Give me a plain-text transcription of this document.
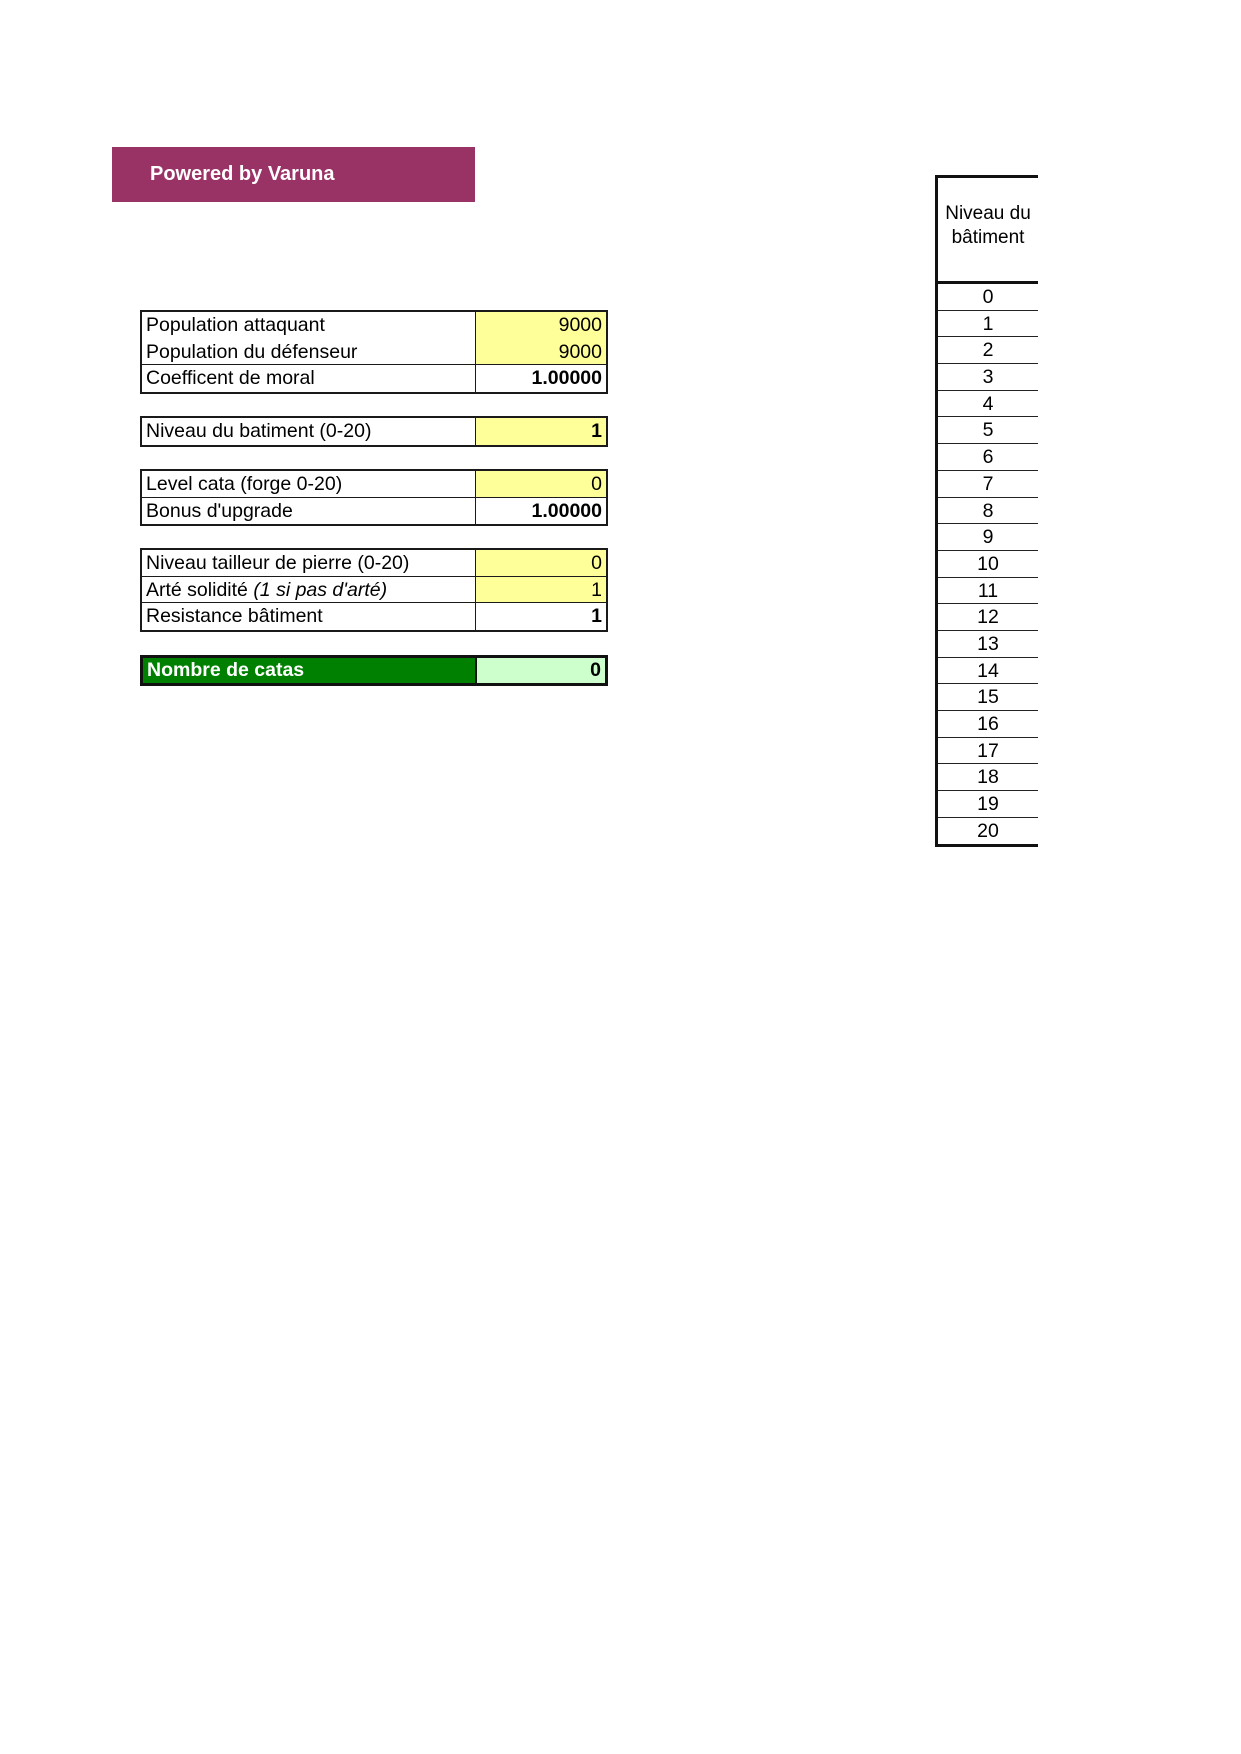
Powered by Varuna
Population attaquant	9000
Population du défenseur	9000
Coefficent de moral	1.00000
Niveau du batiment (0-20)	1
Level cata (forge 0-20)	0
Bonus d'upgrade	1.00000
Niveau tailleur de pierre (0-20)	0
Arté solidité (1 si pas d'arté)	1
Resistance bâtiment	1
Nombre de catas	0
Niveau du
bâtiment
0
1
2
3
4
5
6
7
8
9
10
11
12
13
14
15
16
17
18
19
20
